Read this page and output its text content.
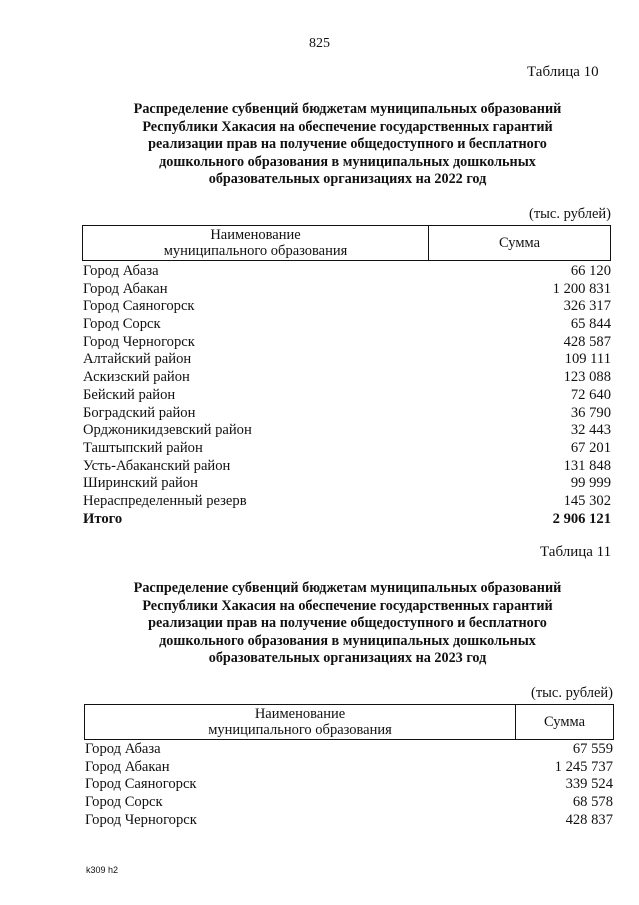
825
Таблица 10
Распределение субвенций бюджетам муниципальных образований
Республики Хакасия на обеспечение государственных гарантий
реализации прав на получение общедоступного и бесплатного
дошкольного образования в муниципальных дошкольных
образовательных организациях на 2022 год
(тыс. рублей)
Наименование
муниципального образования	Сумма
Город Абаза	66 120
Город Абакан	1 200 831
Город Саяногорск	326 317
Город Сорск	65 844
Город Черногорск	428 587
Алтайский район	109 111
Аскизский район	123 088
Бейский район	72 640
Боградский район	36 790
Орджоникидзевский район	32 443
Таштыпский район	67 201
Усть-Абаканский район	131 848
Ширинский район	99 999
Нераспределенный резерв	145 302
Итого	2 906 121
Таблица 11
Распределение субвенций бюджетам муниципальных образований
Республики Хакасия на обеспечение государственных гарантий
реализации прав на получение общедоступного и бесплатного
дошкольного образования в муниципальных дошкольных
образовательных организациях на 2023 год
(тыс. рублей)
Наименование
муниципального образования	Сумма
Город Абаза	67 559
Город Абакан	1 245 737
Город Саяногорск	339 524
Город Сорск	68 578
Город Черногорск	428 837
k309 h2
